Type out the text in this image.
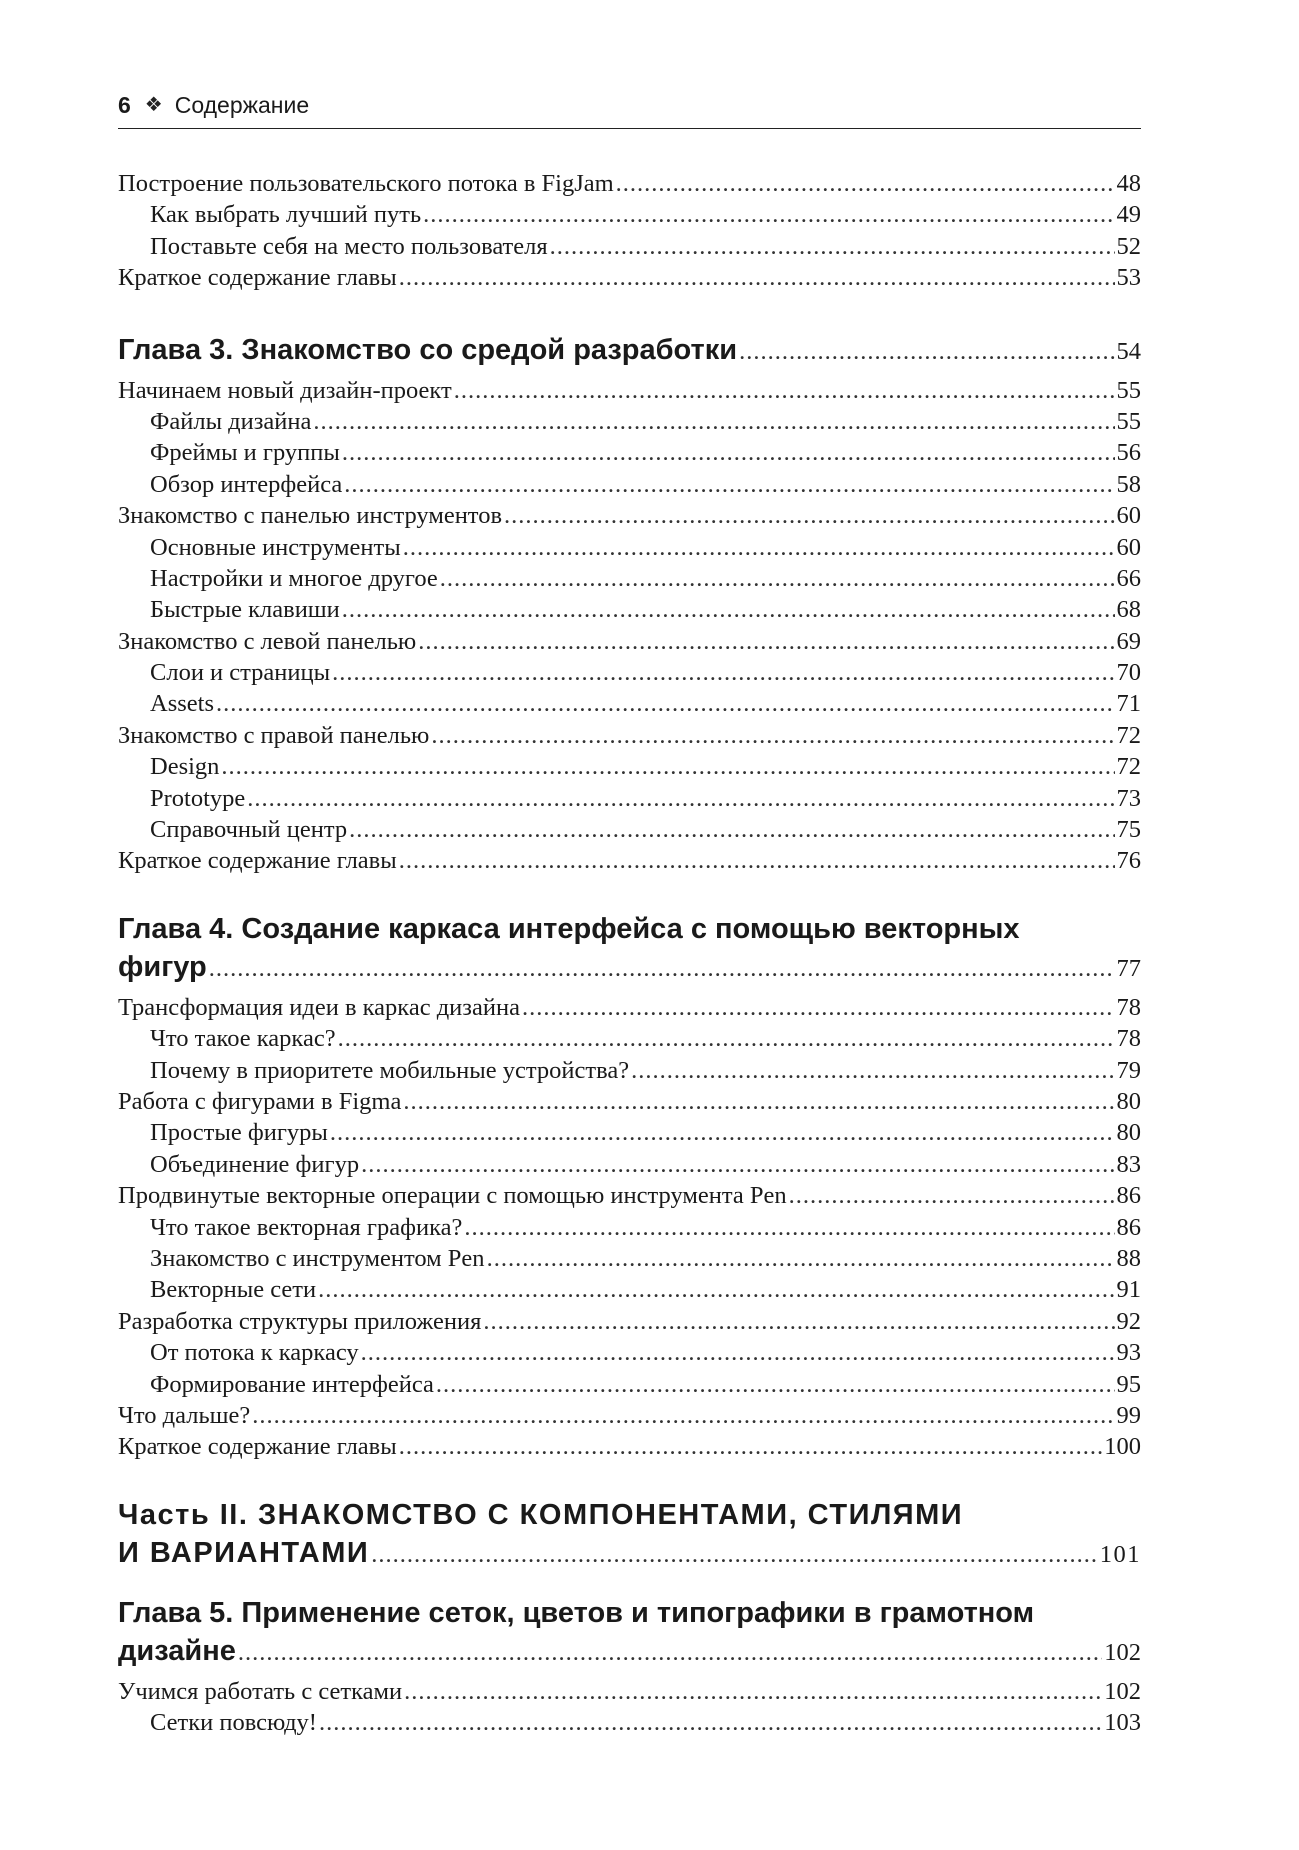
6 ❖ Содержание
Построение пользовательского потока в FigJam .....	48
Как выбрать лучший путь .....	49
Поставьте себя на место пользователя .....	52
Краткое содержание главы .....	53
Глава 3. Знакомство со средой разработки .....	54
Начинаем новый дизайн-проект .....	55
Файлы дизайна .....	55
Фреймы и группы .....	56
Обзор интерфейса .....	58
Знакомство с панелью инструментов .....	60
Основные инструменты .....	60
Настройки и многое другое .....	66
Быстрые клавиши .....	68
Знакомство с левой панелью .....	69
Слои и страницы .....	70
Assets .....	71
Знакомство с правой панелью .....	72
Design .....	72
Prototype .....	73
Справочный центр .....	75
Краткое содержание главы .....	76
Глава 4. Создание каркаса интерфейса с помощью векторных
фигур .....	77
Трансформация идеи в каркас дизайна .....	78
Что такое каркас? .....	78
Почему в приоритете мобильные устройства? .....	79
Работа с фигурами в Figma .....	80
Простые фигуры .....	80
Объединение фигур .....	83
Продвинутые векторные операции с помощью инструмента Pen .....	86
Что такое векторная графика? .....	86
Знакомство с инструментом Pen .....	88
Векторные сети .....	91
Разработка структуры приложения .....	92
От потока к каркасу .....	93
Формирование интерфейса .....	95
Что дальше? .....	99
Краткое содержание главы .....	100
Часть II. ЗНАКОМСТВО С КОМПОНЕНТАМИ, СТИЛЯМИ
И ВАРИАНТАМИ .....	101
Глава 5. Применение сеток, цветов и типографики в грамотном
дизайне .....	102
Учимся работать с сетками .....	102
Сетки повсюду! .....	103
